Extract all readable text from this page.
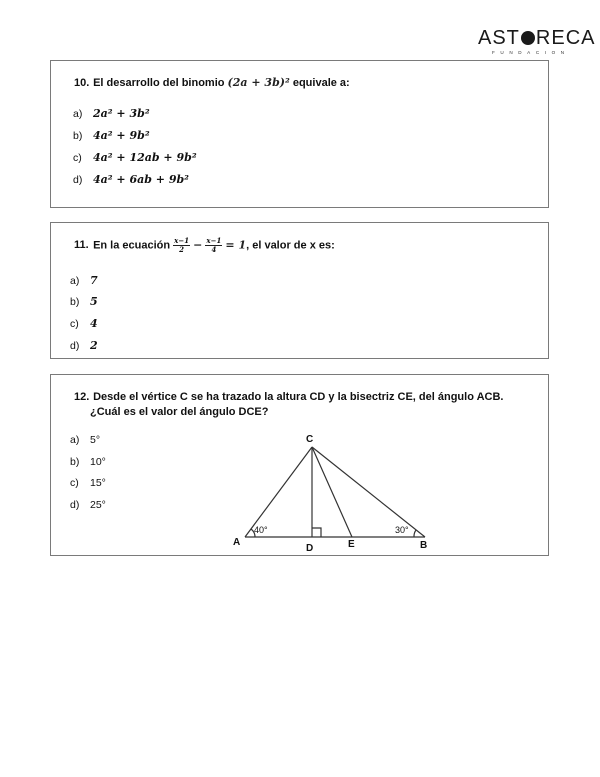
AST RECA
FUNDACION
10. El desarrollo del binomio (2a + 3b)² equivale a:
a) 2a² + 3b²
b) 4a² + 9b²
c) 4a² + 12ab + 9b²
d) 4a² + 6ab + 9b²
11. En la ecuación $\frac{x-1}{2} - \frac{x-1}{4} = 1$, el valor de x es:
a) 7
b) 5
c) 4
d) 2
12. Desde el vértice C se ha trazado la altura CD y la bisectriz CE, del ángulo ACB.
¿Cuál es el valor del ángulo DCE?
a) 5°
b) 10°
c) 15°
d) 25°
C
A
D	E	B
40°	30°
